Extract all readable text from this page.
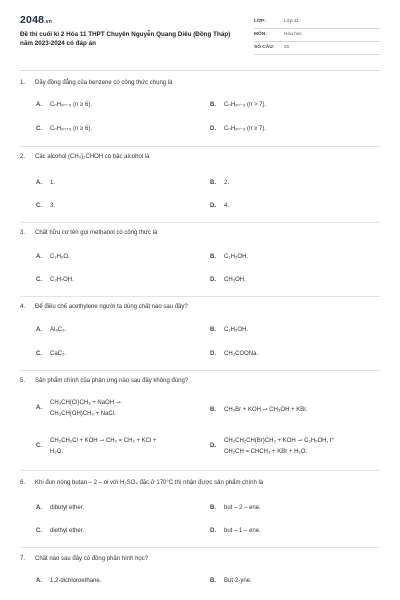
2048.vn
Đề thi cuối kì 2 Hóa 11 THPT Chuyên Nguyễn Quang Diêu (Đồng Tháp) năm 2023-2024 có đáp án
LỚP:	Lớp 11
MÔN:	Hóa học
SỐ CÂU:	31
1.	Dãy đồng đẳng của benzene có công thức chung là
A.	CₙH₂ₙ₋₆ (n ≥ 6).	B.	CₙH₂ₙ₋₆ (n > 7).
C.	CₙH₂ₙ₊₆ (n ≥ 6).	D.	CₙH₂ₙ₋₆ (n ≥ 7).
2.	Các alcohol (CH₃)₂CHOH có bậc alcohol là
A.	1.	B.	2.
C.	3.	D.	4.
3.	Chất hữu cơ tên gọi methanol có công thức là
A.	C₂H₆O.	B.	C₂H₅OH.
C.	C₃H₇OH.	D.	CH₃OH.
4.	Để điều chế acethylene người ta dùng chất nào sau đây?
A.	Al₄C₃.	B.	C₂H₅OH.
C.	CaC₂.	D.	CH₃COONa.
5.	Sản phẩm chính của phản ứng nào sau đây không đúng?
A.
CH₃CH(Cl)CH₃ + NaOH ⇀
CH₃CH(OH)CH₃ + NaCl.
B.	CH₃Br + KOH ⇀ CH₃OH + KBr.
C.
CH₃CH₂Cl + KOH ⇀ CH₂ = CH₂ + KCl +
H₂O.
D.
CH₃CH₂CH(Br)CH₃ + KOH ⇀ C₂H₅OH, t°
CH₃CH = CHCH₃ + KBr + H₂O.
6.	Khi đun nóng butan – 2 – ol với H₂SO₄ đặc ở 170°C thì nhận được sản phẩm chính là
A.	dibutyl ether.	B.	but – 2 – ene.
C.	diethyl ether.	D.	but – 1 – ene.
7.	Chất nào sau đây có đồng phân hình học?
A.	1,2-dichloroethane.	B.	But-2-yne.
